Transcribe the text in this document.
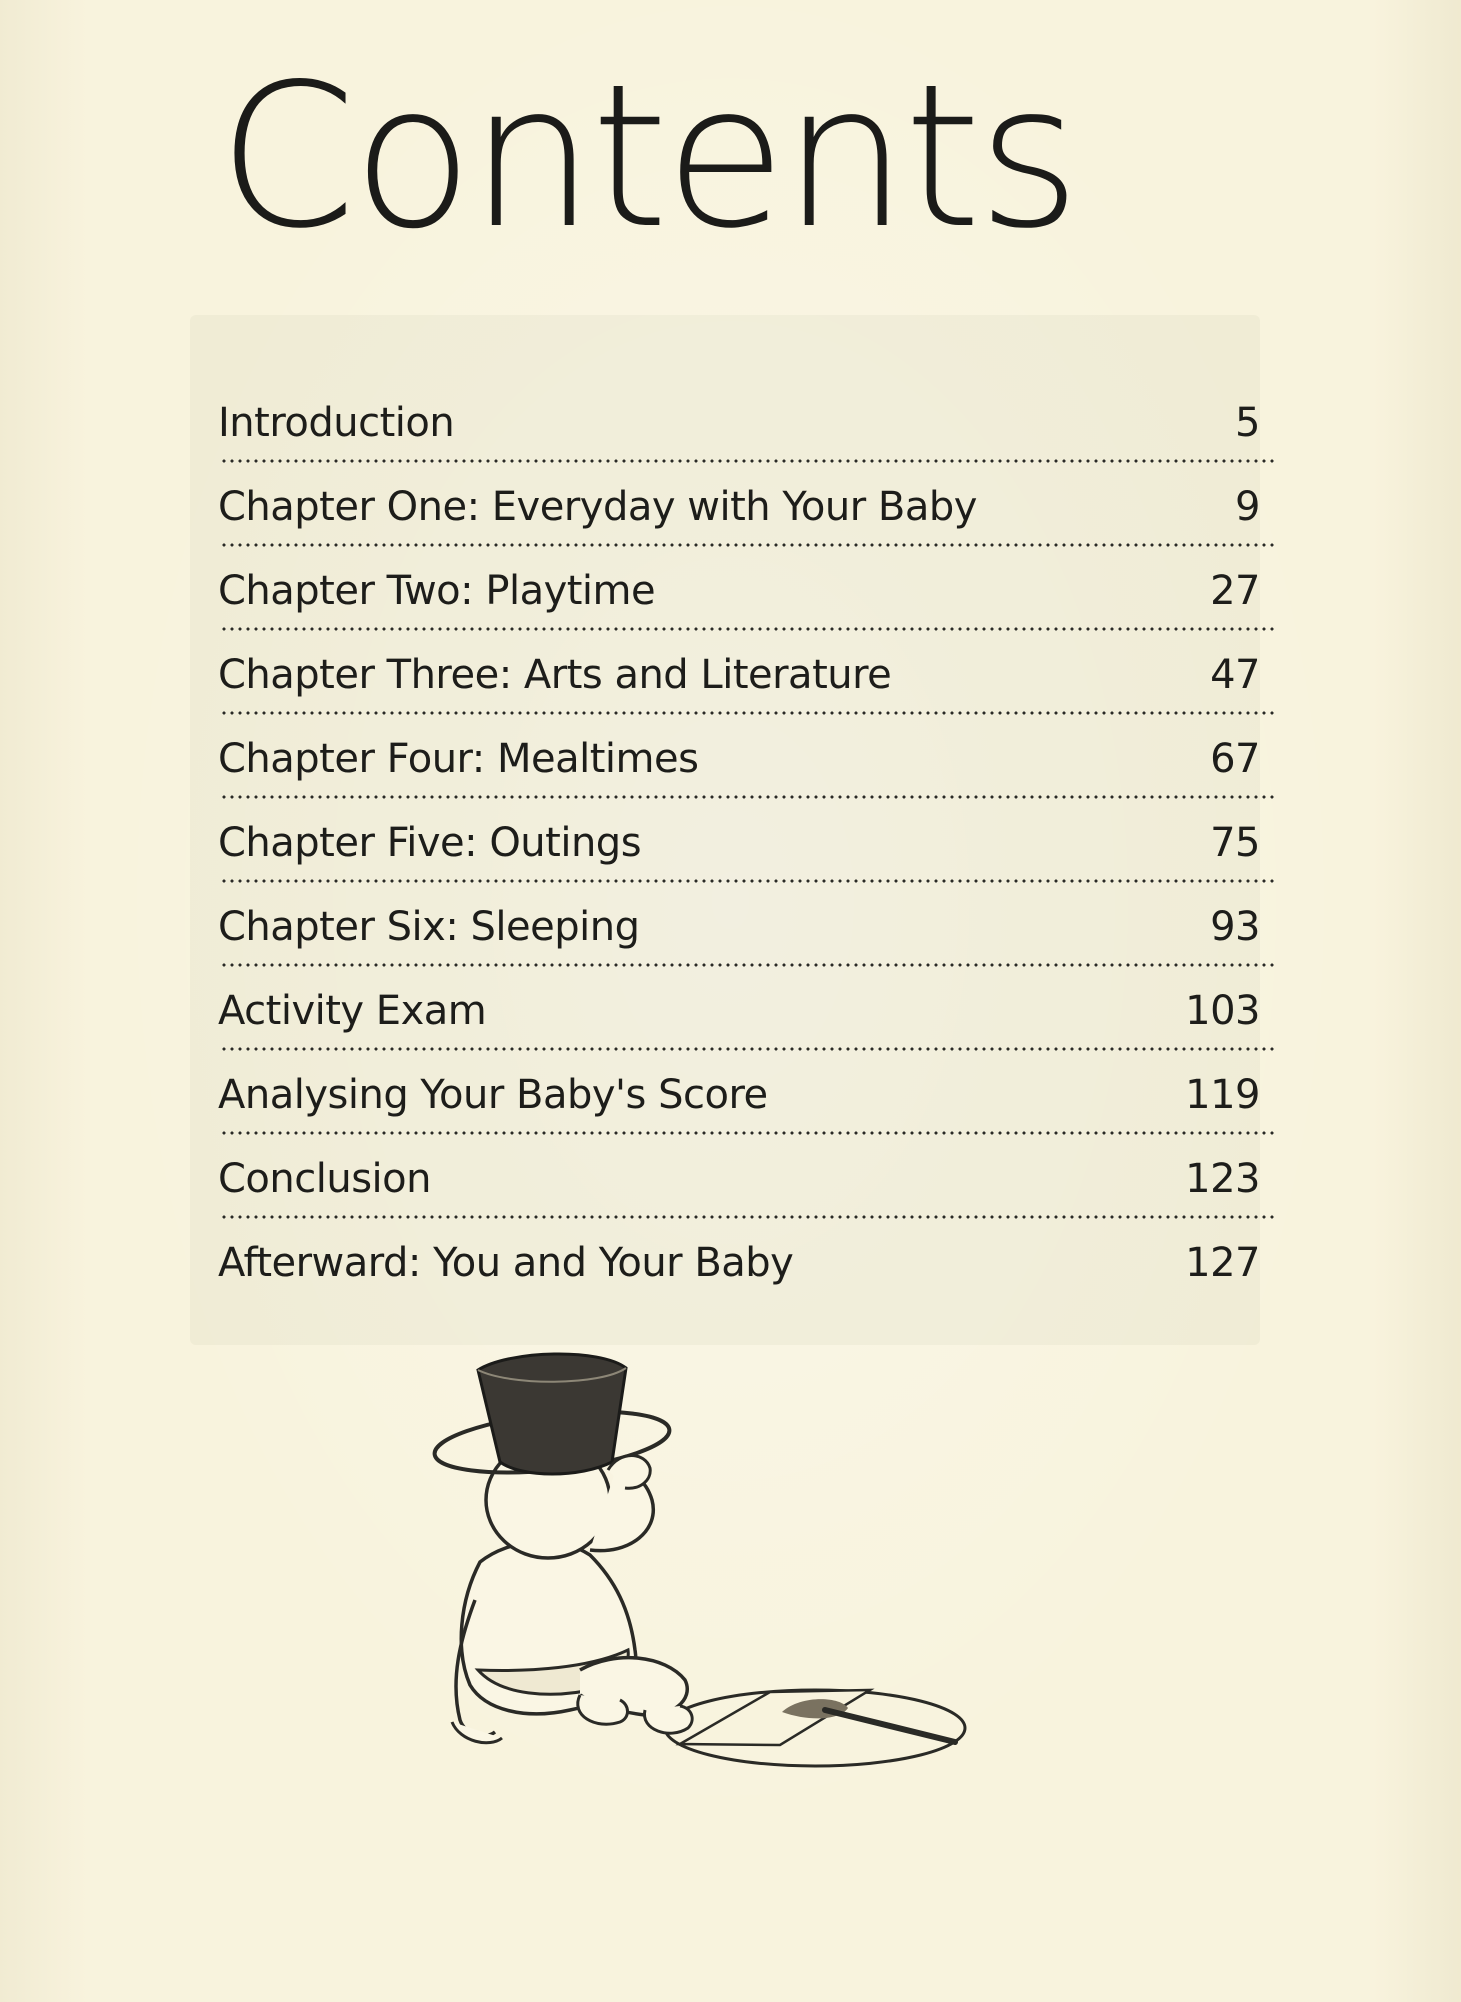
Contents
Introduction	5
Chapter One: Everyday with Your Baby	9
Chapter Two: Playtime	27
Chapter Three: Arts and Literature	47
Chapter Four: Mealtimes	67
Chapter Five: Outings	75
Chapter Six: Sleeping	93
Activity Exam	103
Analysing Your Baby's Score	119
Conclusion	123
Afterward: You and Your Baby	127
